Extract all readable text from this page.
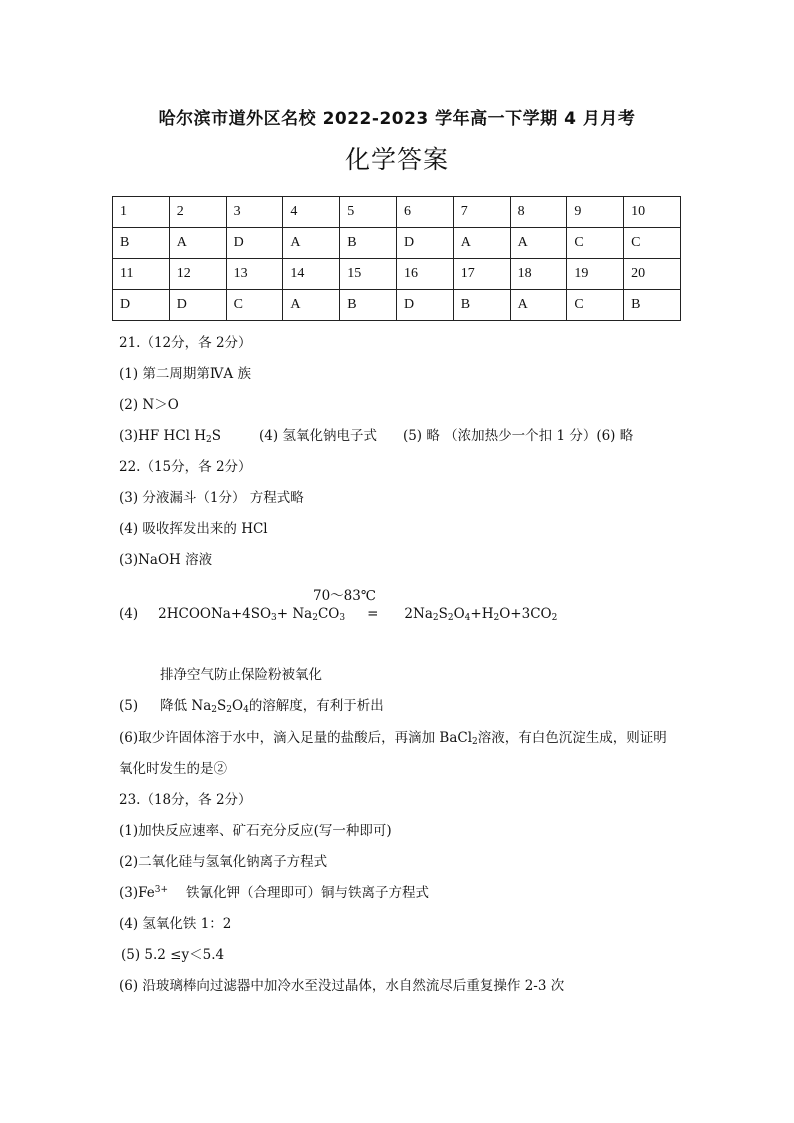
哈尔滨市道外区名校 2022-2023 学年高一下学期 4 月月考
化学答案
1	2	3	4	5	6	7	8	9	10
B	A	D	A	B	D	A	A	C	C
11	12	13	14	15	16	17	18	19	20
D	D	C	A	B	D	B	A	C	B
21.（12分，各 2分）
(1) 第二周期第ⅣA 族
(2) N＞O
(3)HF HCl $H_2S$	(4) 氢氧化钠电子式 (5) 略 （浓加热少一个扣 1 分）(6) 略
22.（15分，各 2分）
(3) 分液漏斗（1分） 方程式略
(4) 吸收挥发出来的 HCl
(3)NaOH 溶液
70～83℃
(4) $2HCOONa+4SO_3+ Na_2CO_3 = 2Na_2S_2O_4+H_2O+3CO_2$
排净空气防止保险粉被氧化
(5) 降低 $Na_2S_2O_4$的溶解度，有利于析出
(6)取少许固体溶于水中，滴入足量的盐酸后，再滴加 BaCl$_2$溶液，有白色沉淀生成，则证明
氧化时发生的是②
23.（18分，各 2分）
(1)加快反应速率、矿石充分反应(写一种即可)
(2)二氧化硅与氢氧化钠离子方程式
$(3)Fe^{3+}$ 铁氰化钾（合理即可）铜与铁离子方程式
(4) 氢氧化铁 1：2
(5) 5.2 ≤y＜5.4
(6) 沿玻璃棒向过滤器中加冷水至没过晶体，水自然流尽后重复操作 2-3 次
